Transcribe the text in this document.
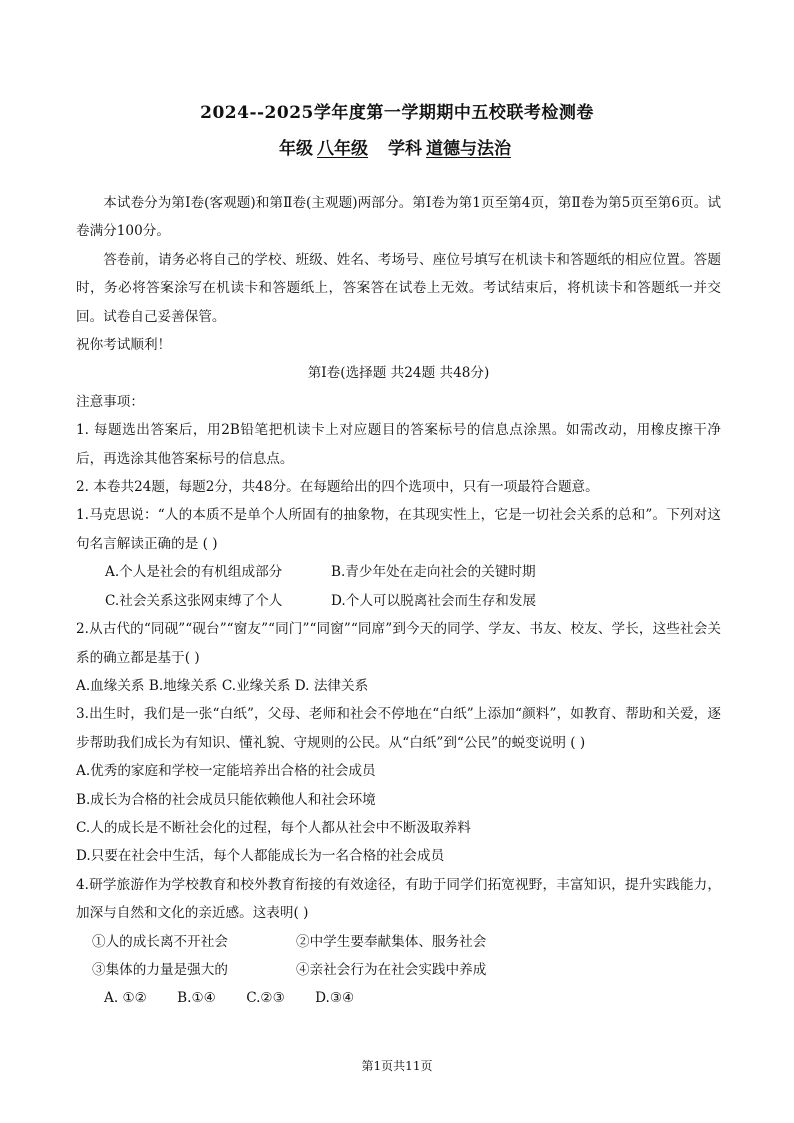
2024--2025学年度第一学期期中五校联考检测卷
年级 八年级 学科 道德与法治

本试卷分为第Ⅰ卷(客观题)和第Ⅱ卷(主观题)两部分。第Ⅰ卷为第1页至第4页，第Ⅱ卷为第5页至第6页。试卷满分100分。

答卷前，请务必将自己的学校、班级、姓名、考场号、座位号填写在机读卡和答题纸的相应位置。答题时，务必将答案涂写在机读卡和答题纸上，答案答在试卷上无效。考试结束后，将机读卡和答题纸一并交回。试卷自己妥善保管。

祝你考试顺利！

第Ⅰ卷(选择题 共24题 共48分)

注意事项：

1. 每题选出答案后，用2B铅笔把机读卡上对应题目的答案标号的信息点涂黑。如需改动，用橡皮擦干净后，再选涂其他答案标号的信息点。

2. 本卷共24题，每题2分，共48分。在每题给出的四个选项中，只有一项最符合题意。

1.马克思说：“人的本质不是单个人所固有的抽象物，在其现实性上，它是一切社会关系的总和”。下列对这句名言解读正确的是 ( )

A.个人是社会的有机组成部分	B.青少年处在走向社会的关键时期
C.社会关系这张网束缚了个人	D.个人可以脱离社会而生存和发展

2.从古代的“同砚”“砚台”“窗友”“同门”“同窗”“同席”到今天的同学、学友、书友、校友、学长，这些社会关系的确立都是基于( )

A.血缘关系 B.地缘关系 C.业缘关系 D. 法律关系

3.出生时，我们是一张“白纸”，父母、老师和社会不停地在“白纸”上添加“颜料”，如教育、帮助和关爱，逐步帮助我们成长为有知识、懂礼貌、守规则的公民。从“白纸”到“公民”的蜕变说明 ( )

A.优秀的家庭和学校一定能培养出合格的社会成员

B.成长为合格的社会成员只能依赖他人和社会环境

C.人的成长是不断社会化的过程，每个人都从社会中不断汲取养料

D.只要在社会中生活，每个人都能成长为一名合格的社会成员

4.研学旅游作为学校教育和校外教育衔接的有效途径，有助于同学们拓宽视野，丰富知识，提升实践能力，加深与自然和文化的亲近感。这表明( )

①人的成长离不开社会	②中学生要奉献集体、服务社会
③集体的力量是强大的	④亲社会行为在社会实践中养成
A. ①② B.①④ C.②③ D.③④
第1页共11页
